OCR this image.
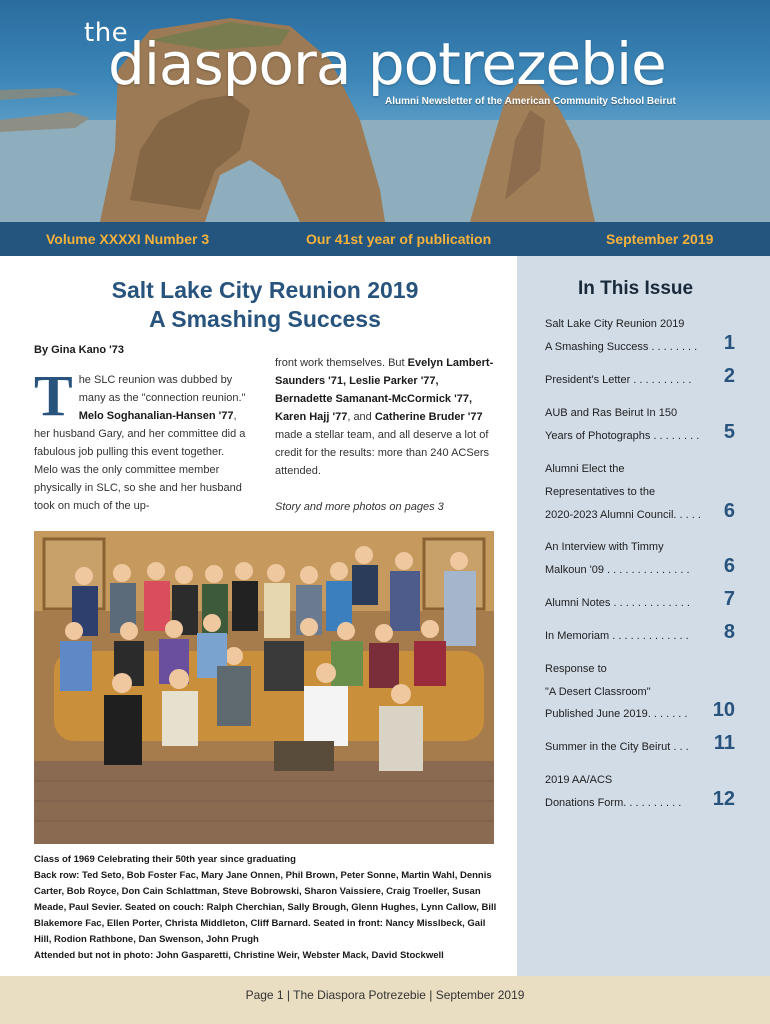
the
diaspora potrezebie
Alumni Newsletter of the American Community School Beirut
Volume XXXXI Number 3	Our 41st year of publication	September 2019
Salt Lake City Reunion 2019
A Smashing Success
By Gina Kano '73
The SLC reunion was dubbed by many as the "connection reunion." Melo Soghanalian-Hansen '77, her husband Gary, and her committee did a fabulous job pulling this event together. Melo was the only committee member physically in SLC, so she and her husband took on much of the up-
front work themselves. But Evelyn Lambert-Saunders '71, Leslie Parker '77, Bernadette Samanant-McCormick '77, Karen Hajj '77, and Catherine Bruder '77 made a stellar team, and all deserve a lot of credit for the results: more than 240 ACSers attended.
Story and more photos on pages 3
Class of 1969 Celebrating their 50th year since graduating
Back row: Ted Seto, Bob Foster Fac, Mary Jane Onnen, Phil Brown, Peter Sonne, Martin Wahl, Dennis Carter, Bob Royce, Don Cain Schlattman, Steve Bobrowski, Sharon Vaissiere, Craig Troeller, Susan Meade, Paul Sevier. Seated on couch: Ralph Cherchian, Sally Brough, Glenn Hughes, Lynn Callow, Bill Blakemore Fac, Ellen Porter, Christa Middleton, Cliff Barnard. Seated in front: Nancy Misslbeck, Gail Hill, Rodion Rathbone, Dan Swenson, John Prugh
Attended but not in photo: John Gasparetti, Christine Weir, Webster Mack, David Stockwell
In This Issue
Salt Lake City Reunion 2019
A Smashing Success . . . . . . . .	1
President's Letter . . . . . . . . . .	2
AUB and Ras Beirut In 150
Years of Photographs . . . . . . . .	5
Alumni Elect the
Representatives to the
2020-2023 Alumni Council. . . . .	6
An Interview with Timmy
Malkoun '09 . . . . . . . . . . . . . .	6
Alumni Notes . . . . . . . . . . . . .	7
In Memoriam . . . . . . . . . . . . .	8
Response to
"A Desert Classroom"
Published June 2019. . . . . . .	10
Summer in the City Beirut . . .	11
2019 AA/ACS
Donations Form. . . . . . . . . .	12
Page 1 | The Diaspora Potrezebie | September 2019
